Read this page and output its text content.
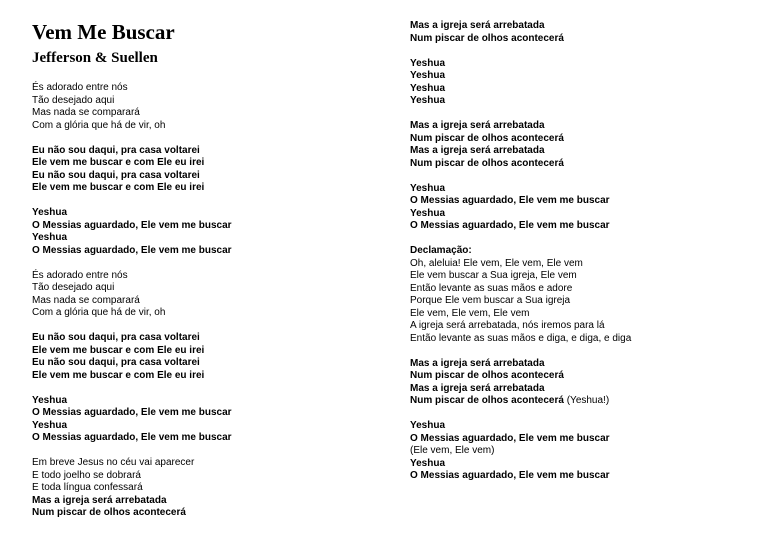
Vem Me Buscar
Jefferson & Suellen
És adorado entre nós
Tão desejado aqui
Mas nada se comparará
Com a glória que há de vir, oh
Eu não sou daqui, pra casa voltarei
Ele vem me buscar e com Ele eu irei
Eu não sou daqui, pra casa voltarei
Ele vem me buscar e com Ele eu irei
Yeshua
O Messias aguardado, Ele vem me buscar
Yeshua
O Messias aguardado, Ele vem me buscar
És adorado entre nós
Tão desejado aqui
Mas nada se comparará
Com a glória que há de vir, oh
Eu não sou daqui, pra casa voltarei
Ele vem me buscar e com Ele eu irei
Eu não sou daqui, pra casa voltarei
Ele vem me buscar e com Ele eu irei
Yeshua
O Messias aguardado, Ele vem me buscar
Yeshua
O Messias aguardado, Ele vem me buscar
Em breve Jesus no céu vai aparecer
E todo joelho se dobrará
E toda língua confessará
Mas a igreja será arrebatada
Num piscar de olhos acontecerá
Mas a igreja será arrebatada
Num piscar de olhos acontecerá
Yeshua
Yeshua
Yeshua
Yeshua
Mas a igreja será arrebatada
Num piscar de olhos acontecerá
Mas a igreja será arrebatada
Num piscar de olhos acontecerá
Yeshua
O Messias aguardado, Ele vem me buscar
Yeshua
O Messias aguardado, Ele vem me buscar
Declamação:
Oh, aleluia! Ele vem, Ele vem, Ele vem
Ele vem buscar a Sua igreja, Ele vem
Então levante as suas mãos e adore
Porque Ele vem buscar a Sua igreja
Ele vem, Ele vem, Ele vem
A igreja será arrebatada, nós iremos para lá
Então levante as suas mãos e diga, e diga, e diga
Mas a igreja será arrebatada
Num piscar de olhos acontecerá
Mas a igreja será arrebatada
Num piscar de olhos acontecerá (Yeshua!)
Yeshua
O Messias aguardado, Ele vem me buscar
(Ele vem, Ele vem)
Yeshua
O Messias aguardado, Ele vem me buscar
